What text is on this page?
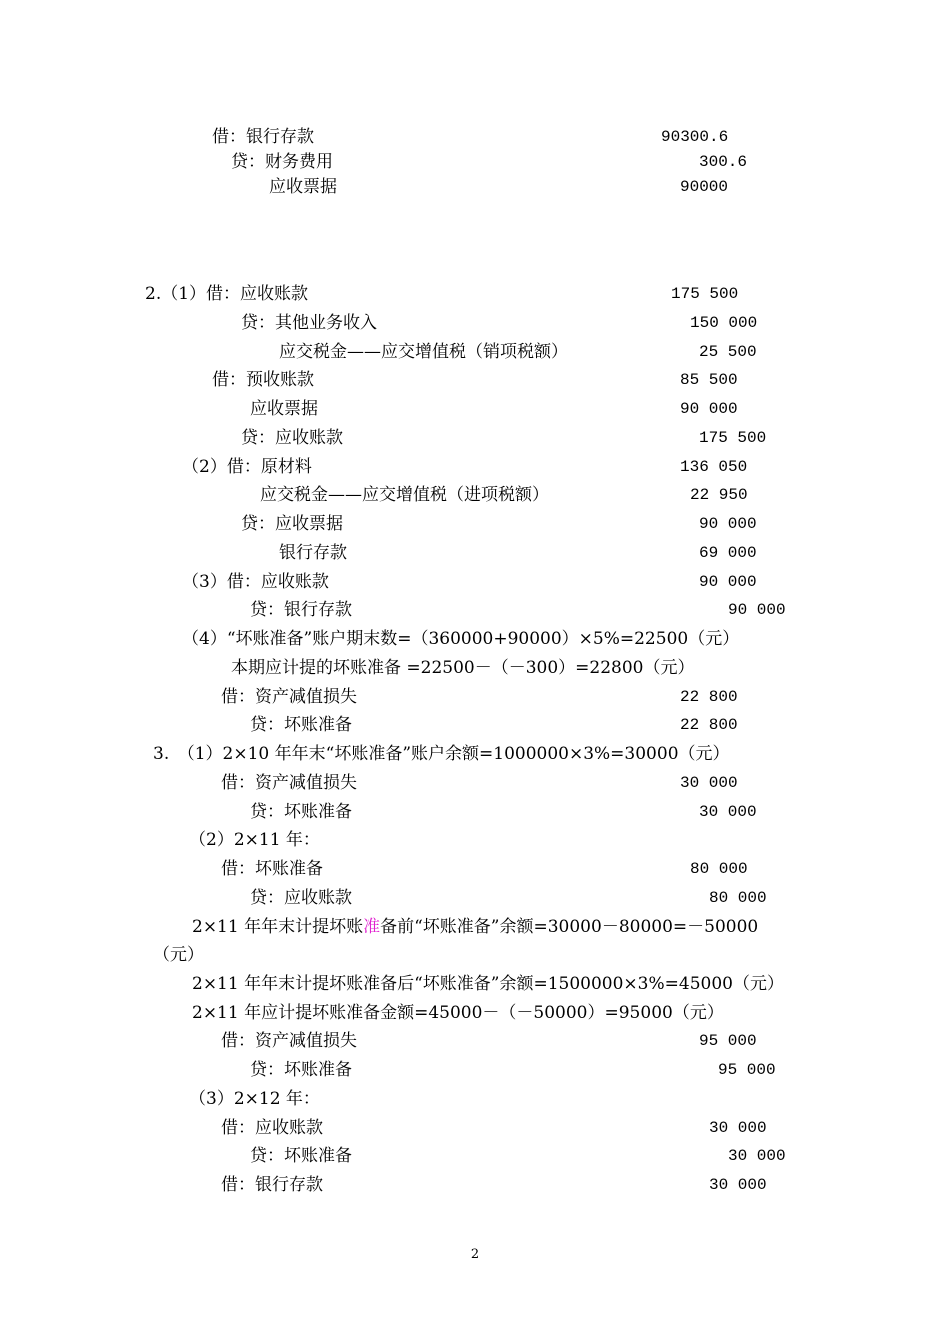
借：银行存款	90300.6
贷：财务费用	300.6
应收票据	90000
2.（1）借：应收账款	175 500
贷：其他业务收入	150 000
应交税金——应交增值税（销项税额）	25 500
借：预收账款	85 500
应收票据	90 000
贷：应收账款	175 500
（2）借：原材料	136 050
应交税金——应交增值税（进项税额）	22 950
贷：应收票据	90 000
银行存款	69 000
（3）借：应收账款	90 000
贷：银行存款	90 000
（4）“坏账准备”账户期末数=（360000+90000）×5%=22500（元）
本期应计提的坏账准备 =22500－（－300）=22800（元）
借：资产减值损失	22 800
贷：坏账准备	22 800
3.　（1）2×10 年年末“坏账准备”账户余额=1000000×3%=30000（元）
借：资产减值损失	30 000
贷：坏账准备	30 000
（2）2×11 年：
借：坏账准备	80 000
贷：应收账款	80 000
2×11 年年末计提坏账准备前“坏账准备”余额=30000－80000=－50000
（元）
2×11 年年末计提坏账准备后“坏账准备”余额=1500000×3%=45000（元）
2×11 年应计提坏账准备金额=45000－（－50000）=95000（元）
借：资产减值损失	95 000
贷：坏账准备	95 000
（3）2×12 年：
借：应收账款	30 000
贷：坏账准备	30 000
借：银行存款	30 000
2
